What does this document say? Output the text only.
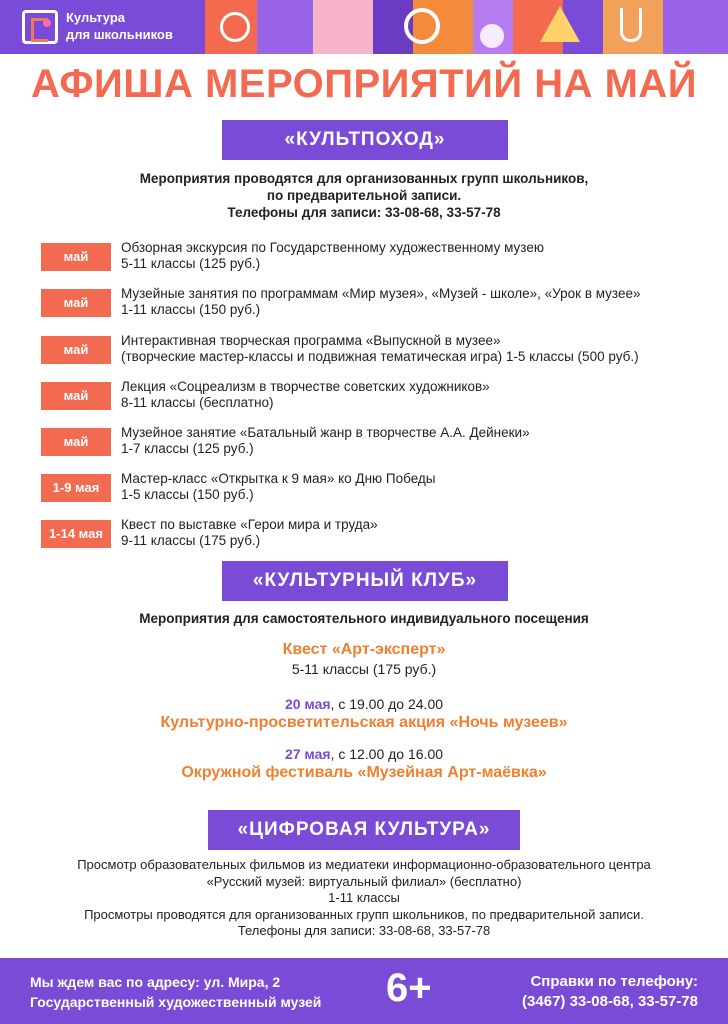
Культура
для школьников
АФИША МЕРОПРИЯТИЙ НА МАЙ
«КУЛЬТПОХОД»
Мероприятия проводятся для организованных групп школьников,
по предварительной записи.
Телефоны для записи: 33-08-68, 33-57-78
май
Обзорная экскурсия по Государственному художественному музею
5-11 классы (125 руб.)
май
Музейные занятия по программам «Мир музея», «Музей - школе», «Урок в музее»
1-11 классы (150 руб.)
май
Интерактивная творческая программа «Выпускной в музее»
(творческие мастер-классы и подвижная тематическая игра) 1-5 классы (500 руб.)
май
Лекция «Соцреализм в творчестве советских художников»
8-11 классы (бесплатно)
май
Музейное занятие «Батальный жанр в творчестве А.А. Дейнеки»
1-7 классы (125 руб.)
1-9 мая
Мастер-класс «Открытка к 9 мая» ко Дню Победы
1-5 классы (150 руб.)
1-14 мая
Квест по выставке «Герои мира и труда»
9-11 классы (175 руб.)
«КУЛЬТУРНЫЙ КЛУБ»
Мероприятия для самостоятельного индивидуального посещения
Квест «Арт-эксперт»
5-11 классы (175 руб.)
20 мая, с 19.00 до 24.00
Культурно-просветительская акция «Ночь музеев»
27 мая, с 12.00 до 16.00
Окружной фестиваль «Музейная Арт-маёвка»
«ЦИФРОВАЯ КУЛЬТУРА»
Просмотр образовательных фильмов из медиатеки информационно-образовательного центра
«Русский музей: виртуальный филиал» (бесплатно)
1-11 классы
Просмотры проводятся для организованных групп школьников, по предварительной записи.
Телефоны для записи: 33-08-68, 33-57-78
Мы ждем вас по адресу: ул. Мира, 2
Государственный художественный музей 6+	Справки по телефону:
(3467) 33-08-68, 33-57-78
